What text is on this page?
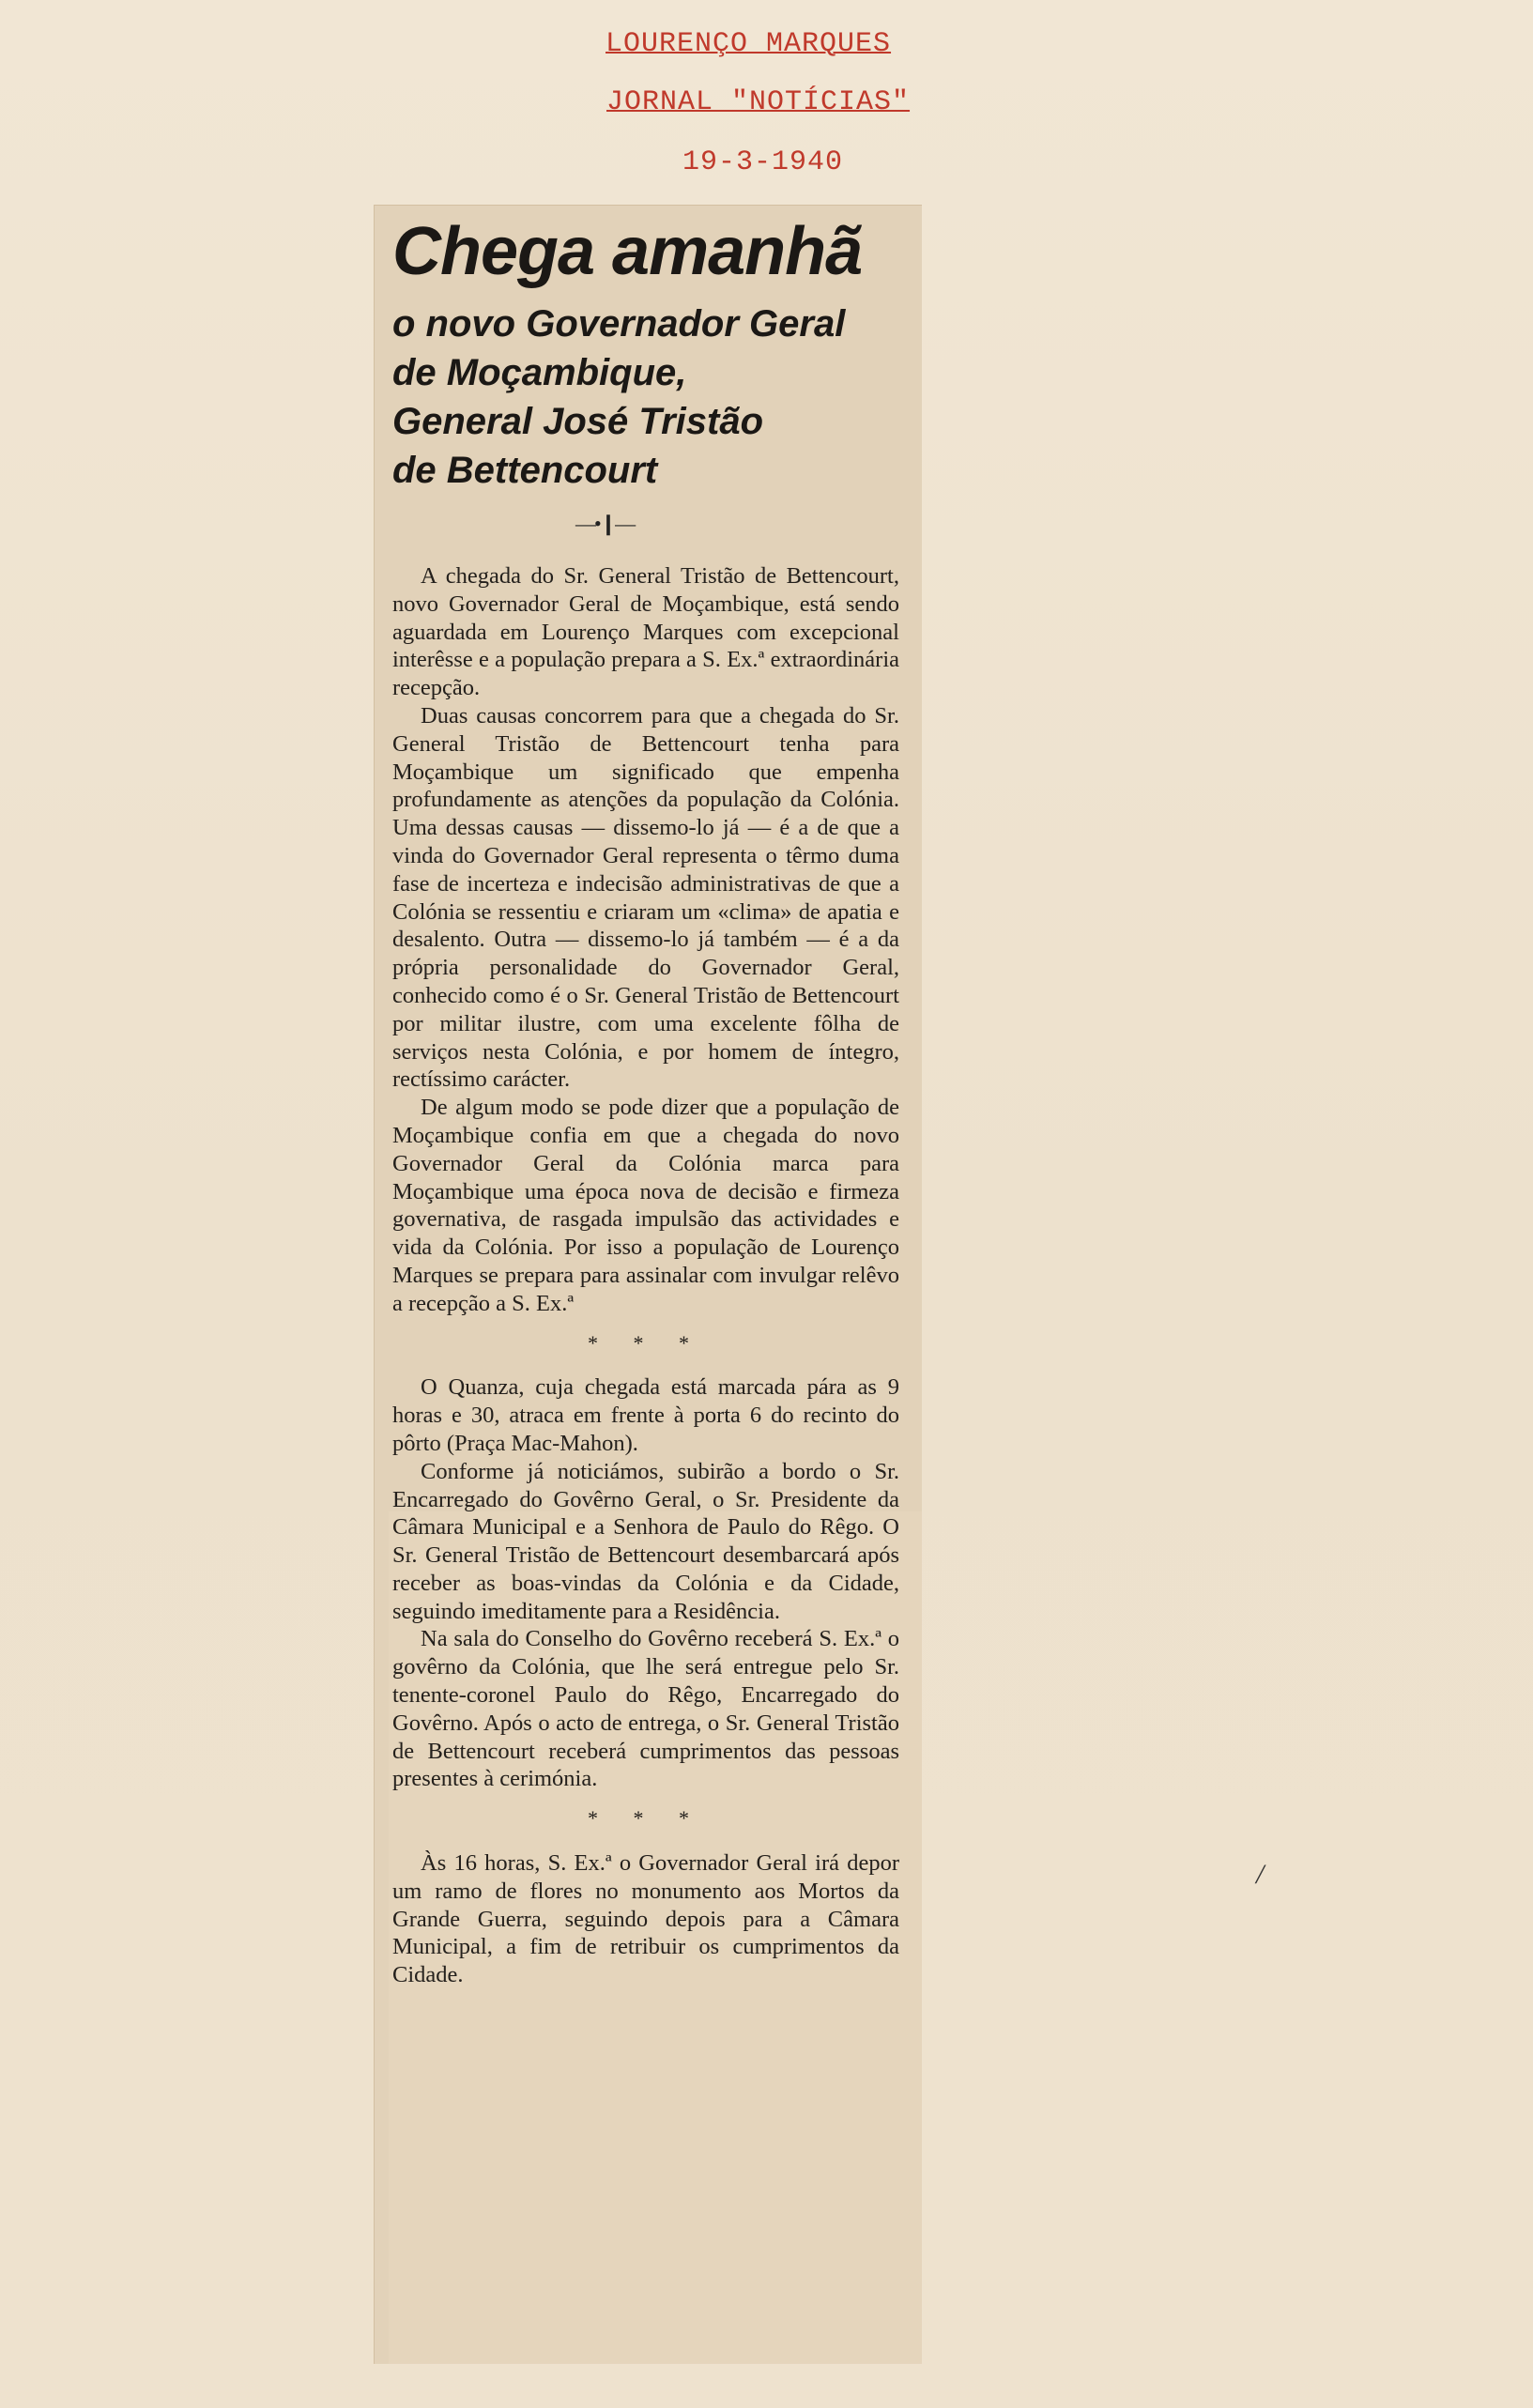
LOURENÇO MARQUES
JORNAL "NOTÍCIAS"
19-3-1940
Chega amanhã
o novo Governador Geral
de Moçambique,
General José Tristão
de Bettencourt
—•❙—

A chegada do Sr. General Tristão de Bettencourt, novo Governador Geral de Moçambique, está sendo aguardada em Lourenço Marques com excepcional interêsse e a população prepara a S. Ex.ª extraordinária recepção.

Duas causas concorrem para que a chegada do Sr. General Tristão de Bettencourt tenha para Moçambique um significado que empenha profundamente as atenções da população da Colónia. Uma dessas causas — dissemo-lo já — é a de que a vinda do Governador Geral representa o têrmo duma fase de incerteza e indecisão administrativas de que a Colónia se ressentiu e criaram um «clima» de apatia e desalento. Outra — dissemo-lo já também — é a da própria personalidade do Governador Geral, conhecido como é o Sr. General Tristão de Bettencourt por militar ilustre, com uma excelente fôlha de serviços nesta Colónia, e por homem de íntegro, rectíssimo carácter.

De algum modo se pode dizer que a população de Moçambique confia em que a chegada do novo Governador Geral da Colónia marca para Moçambique uma época nova de decisão e firmeza governativa, de rasgada impulsão das actividades e vida da Colónia. Por isso a população de Lourenço Marques se prepara para assinalar com invulgar relêvo a recepção a S. Ex.ª

* * *

O Quanza, cuja chegada está marcada pára as 9 horas e 30, atraca em frente à porta 6 do recinto do pôrto (Praça Mac-Mahon).

Conforme já noticiámos, subirão a bordo o Sr. Encarregado do Govêrno Geral, o Sr. Presidente da Câmara Municipal e a Senhora de Paulo do Rêgo. O Sr. General Tristão de Bettencourt desembarcará após receber as boas-vindas da Colónia e da Cidade, seguindo imeditamente para a Residência.

Na sala do Conselho do Govêrno receberá S. Ex.ª o govêrno da Colónia, que lhe será entregue pelo Sr. tenente-coronel Paulo do Rêgo, Encarregado do Govêrno. Após o acto de entrega, o Sr. General Tristão de Bettencourt receberá cumprimentos das pessoas presentes à cerimónia.

* * *

Às 16 horas, S. Ex.ª o Governador Geral irá depor um ramo de flores no monumento aos Mortos da Grande Guerra, seguindo depois para a Câmara Municipal, a fim de retribuir os cumprimentos da Cidade.

/
